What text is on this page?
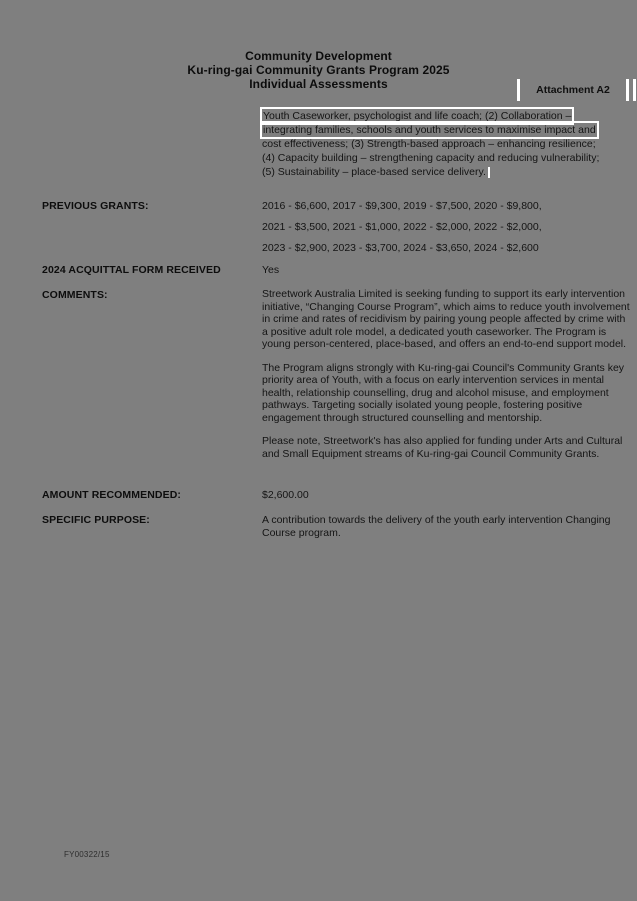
Community Development
Ku-ring-gai Community Grants Program 2025
Individual Assessments	Attachment A2
Youth Caseworker, psychologist and life coach; (2) Collaboration –
integrating families, schools and youth services to maximise impact and
cost effectiveness; (3) Strength-based approach – enhancing resilience;
(4) Capacity building – strengthening capacity and reducing vulnerability;
(5) Sustainability – place-based service delivery.
PREVIOUS GRANTS:	2016 - $6,600, 2017 - $9,300, 2019 - $7,500, 2020 - $9,800,
2021 - $3,500, 2021 - $1,000, 2022 - $2,000, 2022 - $2,000,
2023 - $2,900, 2023 - $3,700, 2024 - $3,650, 2024 - $2,600
2024 ACQUITTAL FORM RECEIVED	Yes
COMMENTS:	Streetwork Australia Limited is seeking funding to support its early intervention initiative, “Changing Course Program”, which aims to reduce youth involvement in crime and rates of recidivism by pairing young people affected by crime with a positive adult role model, a dedicated youth caseworker. The Program is young person-centered, place-based, and offers an end-to-end support model.

The Program aligns strongly with Ku-ring-gai Council's Community Grants key priority area of Youth, with a focus on early intervention services in mental health, relationship counselling, drug and alcohol misuse, and employment pathways. Targeting socially isolated young people, fostering positive engagement through structured counselling and mentorship.

Please note, Streetwork's has also applied for funding under Arts and Cultural and Small Equipment streams of Ku-ring-gai Council Community Grants.

AMOUNT RECOMMENDED:	$2,600.00
SPECIFIC PURPOSE:	A contribution towards the delivery of the youth early intervention Changing Course program.
FY00322/15
